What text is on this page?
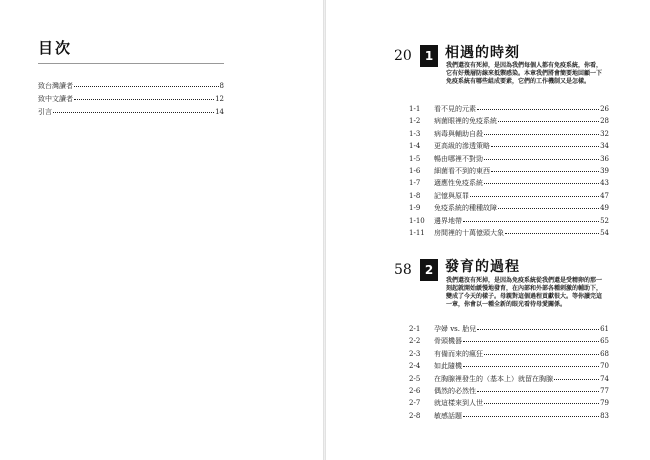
目次
致台灣讀者	8
致中文讀者	12
引言	14
20 1 相遇的時刻
我們還沒有死掉，是因為我們每個人都有免疫系統，你看，它有好幾層防線來抵禦感染。本章我們將會簡要地回顧一下免疫系統有哪些組成要素，它們的工作機制又是怎樣。
1-1	看不見的元素	26
1-2	病菌眼裡的免疫系統	28
1-3	病毒與輔助自殺	32
1-4	更高級的滲透策略	34
1-5	暢由哪裡不對勁	36
1-6	細菌看不到的東西	39
1-7	適應性免疫系統	43
1-8	記憶與原罪	47
1-9	免疫系統的種種故障	49
1-10	邊界地帶	52
1-11	房間裡的十萬億頭大象	54
58 2 發育的過程
我們還沒有死掉，是因為免疫系統從我們還是受精卵的那一刻起就開始緩慢地發育，在內部和外部各種刺激的輔助下，變成了今天的樣子。母親對這個過程貢獻很大。等你讀完這一章，你會以一種全新的眼光看待母愛關係。
2-1	孕婦 vs. 胎兒	61
2-2	骨頭機器	65
2-3	有備而來的瘋狂	68
2-4	如此隨機	70
2-5	在胸腺裡發生的（基本上）就留在胸腺	74
2-6	偶然的必然性	77
2-7	就這樣來到人世	79
2-8	敏感話題	83
